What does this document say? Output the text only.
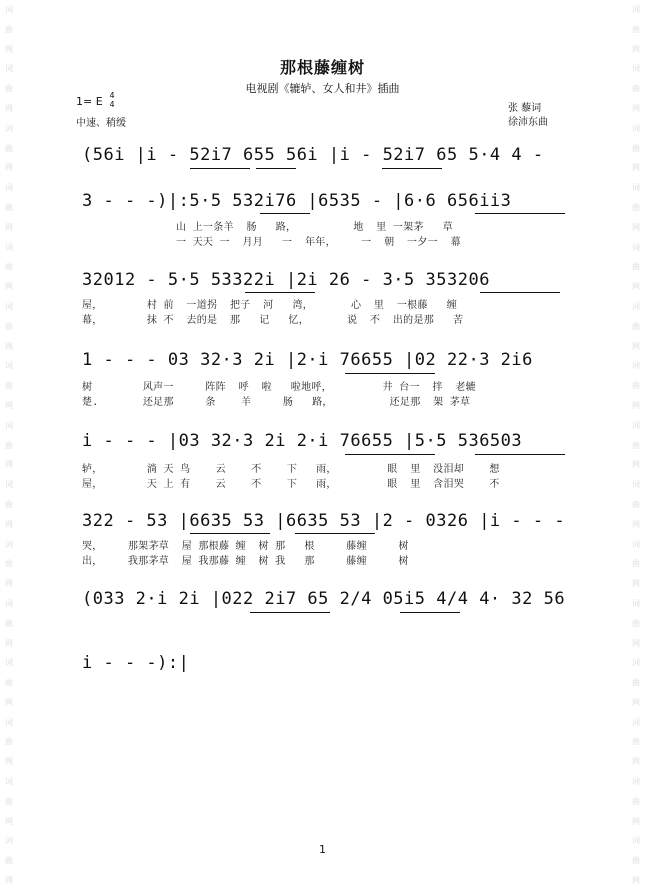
词
曲
网
词
曲
网
词
曲
网
词
曲
网
词
曲
网
词
曲
网
词
曲
网
词
曲
网
词
曲
网
词
曲
网
词
曲
网
词
曲
网
词
曲
网
词
曲
网
词
曲
网
词
曲
网
词
曲
网
词
曲
网
词
曲
网
词
曲
网
词
曲
网
词
曲
网
词
曲
网
词
曲
网
词
曲
网
词
曲
网
词
曲
网
词
曲
网
词
曲
网
词
曲
网
那根藤缠树
电视剧《辘轳、女人和井》插曲
1= E 4
4
中速、稍缓
张 藜词
徐沛东曲
(56i |i - 52i7 655 56i |i - 52i7 65 5·4 4 -
3 - - -)|:5·5 532i76 |6535 - |6·6 656ii3
山 上一条羊  肠   路，         地  里 一架茅   草
一 天天 一  月月   一  年年，    一  朝  一夕一  幕
32012 - 5·5 53322i |2i 26 - 3·5 353206
屋，       村 前  一道拐  把子  河   湾，      心  里  一根藤   缠
幕，       抹 不  去的是  那   记   忆，      说  不  出的是那   苦
1 - - - 03 32·3 2i |2·i 76655 |02 22·3 2i6
树        风声一     阵阵  呼  啦   啦地呼，        井 台一  拌  老辘
楚.       还足那     条    羊     肠   路，         还足那  架 茅草
i - - - |03 32·3 2i 2·i 76655 |5·5 536503
轳，       淌 天 鸟    云    不    下   雨，        眼  里  没泪却    想
屋，       天 上 有    云    不    下   雨，        眼  里  含泪哭    不
322 - 53 |6635 53 |6635 53 |2 - 0326 |i - - -
哭，    那架茅草  屋 那根藤 缠  树 那   根     藤缠     树
出，    我那茅草  屋 我那藤 缠  树 我   那     藤缠     树
(033 2·i 2i |022 2i7 65 2/4 05i5 4/4 4· 32 56
i - - -):|
1
